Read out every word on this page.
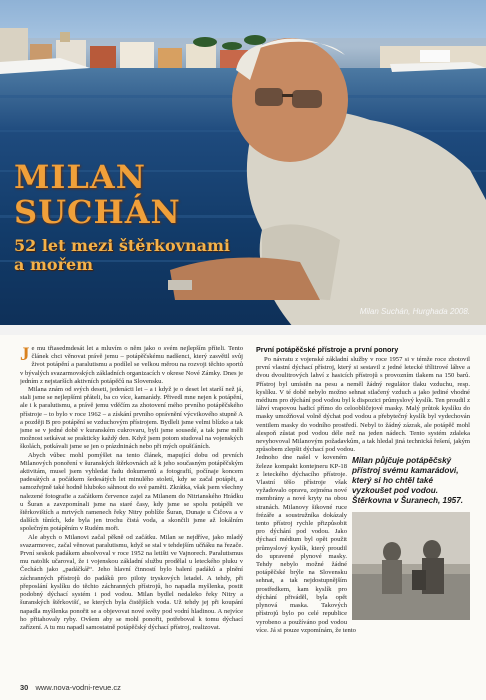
MILAN
SUCHÁN
52 let mezi štěrkovnami
a mořem
Milan Suchán, Hurghada 2008.

Je mu třiasedmdesát let a mluvím o něm jako o svém nejlepším příteli. Tento článek chci věnovat právě jemu – potápěčskému nadšenci, který zasvětil svůj život potápění a paralutismu a podílel se velkou měrou na rozvoji těchto sportů v bývalých svazarmovských základních organizacích v okrese Nové Zámky. Dnes je jedním z nejstarších aktivních potápěčů na Slovensku.

Milana znám od svých deseti, jedenácti let – a i když je o deset let starší než já, stali jsme se nejlepšími přáteli, ba co více, kamarády. Přivedl mne nejen k potápění, ale i k paralutismu, a právě jemu vděčím za zhotovení mého prvního potápěčského přístroje – to bylo v roce 1962 – a získání prvního oprávnění výcvikového stupně A a později B pro potápění se vzduchovým přístrojem. Bydleli jsme velmi blízko a tak jsme se v jedné době v kuranském cukrovaru, byli jsme sousedé, a tak jsme měli možnost setkávat se prakticky každý den. Když jsem potom studoval na vojenských školách, potkávali jsme se jen o prázdninách nebo při mých opušťáních.

Abych vůbec mohl pomýšlet na tento článek, mapující dobu od prvních Milanových ponoření v šuranských štěrkovnách až k jeho současným potápěčským aktivitám, musel jsem vyhledat řadu dokumentů a fotografií, počínaje koncem padesátých a počátkem šedesátých let minulého století, kdy se začal potápět, a samozřejmě také hodně hluboko sáhnout do své paměti. Zkrátka, však jsem všechny nalezené fotografie a začátkem července zajel za Milanem do Nitrianského Hrádku u Šuran a zavzpomínali jsme na staré časy, kdy jsme se spolu potápěli ve štěrkovištích a mrtvých ramenech řeky Nitry poblíže Šuran, Dunaje u Čičova a v dalších tůních, kde byla jen trochu čistá voda, a skončili jsme až lokálním společným potápěním v Rudém moři.

Ale abych o Milanovi začal pěkně od začátku. Milan se nejdříve, jako mladý svazarmovec, začal věnovat paralutismu, když se stal v tehdejším učňáku na řezače. První seskok padákem absolvoval v roce 1952 na letišti ve Vajnorech. Paralutismus mu natolik učaroval, že i vojenskou základní službu prodělal u leteckého pluku v Čechách jako „padáčkář“. Jeho hlavní činností bylo balení padáků a plnění záchranných přístrojů do padáků pro piloty tryskových letadel. A tehdy, při přeposlání kyslíku do těchto záchranných přístrojů, ho napadla myšlenka, postit podobný dýchací systém i pod vodou. Milan bydlel nedaleko řeky Nitry a šuranských štěrkovišť, se kterých byla čistějších voda. Už tehdy jej při koupání napadla myšlenka ponořit se a objevovat nové světy pod vodní hladinou. A nejvíce ho přitahovaly ryby. Ovšem aby se mohl ponořit, potřeboval k tomu dýchací zařízení. A tu mu napadl samostatně potápěčský dýchací přístroj, realizovat.

První potápěčské přístroje a první ponory

Po návratu z vojenské základní služby v roce 1957 si v témže roce zhotovil první vlastní dýchací přístroj, který si sestavil z jedné letecké třílitrové láhve a dvou dvoulitrových lahví z hasicích přístrojů s provozním tlakem na 150 barů. Přístroj byl umístěn na pesu a neměl žádný regulátor tlaku vzduchu, resp. kyslíku. V té době nebylo možno sehnat stlačený vzduch a jako jediné vhodné médium pro dýchání pod vodou byl k dispozici průmyslový kyslík. Ten proudil z láhví vrapovou hadicí přímo do celoobličejové masky. Malý průtok kyslíku do masky umožňoval volně dýchat pod vodou a přebytečný kyslík byl vydechován ventilem masky do vodního prostředí. Nebyl to žádný zázrak, ale potápěč mohl alespoň zůstat pod vodou déle než na jeden nádech. Tento systém zdaleka nevyhovoval Milanovým požadavkům, a tak hledal jiná technická řešení, jakým způsobem zlepšit dýchací pod vodou.

Milan půjčuje potápěčský přístroj svému kamarádovi, který si ho chtěl také vyzkoušet pod vodou. Štěrkovna v Šuranech, 1957.

Jednoho dne našel v koveném železe kompakt kontejneru KP-18 z leteckého dýchacího přístroje. Vlastní těšo přístroje však vyžadovalo opravu, zejména nové membrány a nové kryty na obou stranách. Milanovy šikovné ruce frézáře a soustružníka dokázaly tento přístroj rychle přizpůsobit pro dýchání pod vodou. Jako dýchací médium byl opět použit průmyslový kyslík, který proudil do upravené plynové masky. Tehdy nebylo možné žádné potápěčské brýle na Slovensku sehnat, a tak nejdostupnějším prostředkem, kam kyslík pro dýchání přiváděl, byla opět plynová maska. Takových přístrojů bylo po celé republice vyrobeno a používáno pod vodou více. Já si pouze vzpomínám, že tento

30 www.nova-vodni-revue.cz
